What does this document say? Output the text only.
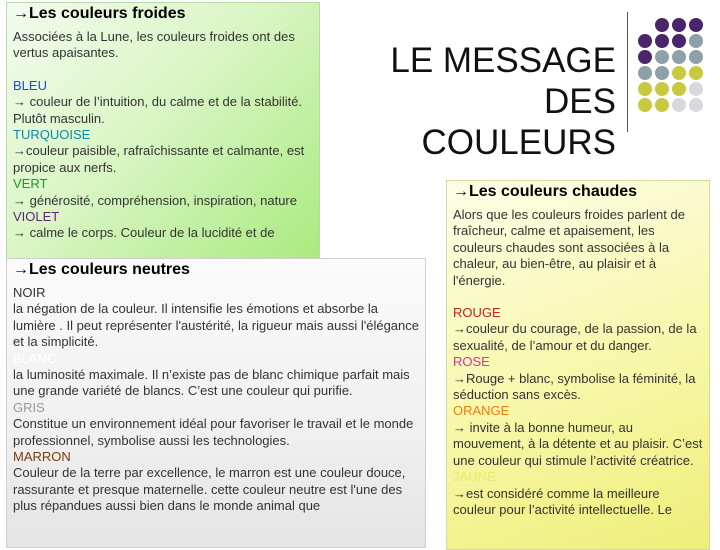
→Les couleurs froides

Associées à la Lune, les couleurs froides ont des vertus apaisantes.

BLEU

→ couleur de l’intuition, du calme et de la stabilité. Plutôt masculin.

TURQUOISE

→couleur paisible, rafraîchissante et calmante, est propice aux nerfs.

VERT

→ générosité, compréhension, inspiration, nature

VIOLET

→ calme le corps. Couleur de la lucidité et de

LE MESSAGE DES
COULEURS
→Les couleurs neutres
NOIR

la négation de la couleur. Il intensifie les émotions et absorbe la lumière . Il peut représenter l'austérité, la rigueur mais aussi l'élégance et la simplicité.

BLANC

la luminosité maximale. Il n’existe pas de blanc chimique parfait mais une grande variété de blancs. C’est une couleur qui purifie.

GRIS

Constitue un environnement idéal pour favoriser le travail et le monde professionnel, symbolise aussi les technologies.

MARRON

Couleur de la terre par excellence, le marron est une couleur douce, rassurante et presque maternelle. cette couleur neutre est l'une des plus répandues aussi bien dans le monde animal que

→Les couleurs chaudes

Alors que les couleurs froides parlent de fraîcheur, calme et apaisement, les couleurs chaudes sont associées à la chaleur, au bien-être, au plaisir et à l'énergie.

ROUGE

→couleur du courage, de la passion, de la sexualité, de l’amour et du danger.

ROSE

→Rouge + blanc, symbolise la féminité, la séduction sans excès.

ORANGE

→ invite à la bonne humeur, au mouvement, à la détente et au plaisir. C’est une couleur qui stimule l’activité créatrice.

JAUNE

→est considéré comme la meilleure couleur pour l’activité intellectuelle. Le
